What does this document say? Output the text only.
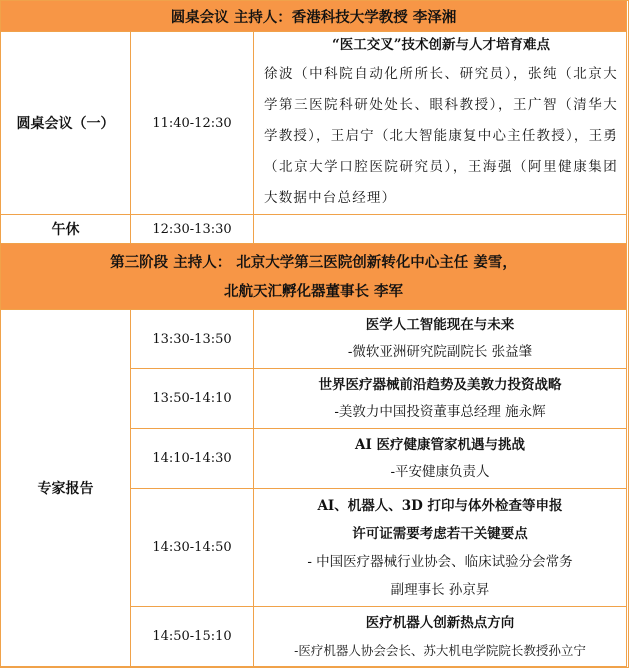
圆桌会议 主持人：香港科技大学教授 李泽湘		
圆桌会议（一）	11:40-12:30	“医工交叉”技术创新与人才培育难点
徐波（中科院自动化所所长、研究员），张纯（北京大学第三医院科研处处长、眼科教授），王广智（清华大学教授），王启宁（北大智能康复中心主任教授），王勇（北京大学口腔医院研究员），王海强（阿里健康集团大数据中台总经理）

午休	12:30-13:30	

第三阶段 主持人： 北京大学第三医院创新转化中心主任 姜雪，
北航天汇孵化器董事长 李军		

专家报告	13:30-13:50	医学人工智能现在与未来
-微软亚洲研究院副院长 张益肇

	13:50-14:10	世界医疗器械前沿趋势及美敦力投资战略
-美敦力中国投资董事总经理 施永辉

	14:10-14:30	AI 医疗健康管家机遇与挑战
-平安健康负责人

	14:30-14:50	AI、机器人、3D 打印与体外检查等申报
许可证需要考虑若干关键要点
- 中国医疗器械行业协会、临床试验分会常务
副理事长 孙京昇

	14:50-15:10	医疗机器人创新热点方向
-医疗机器人协会会长、苏大机电学院院长教授孙立宁
